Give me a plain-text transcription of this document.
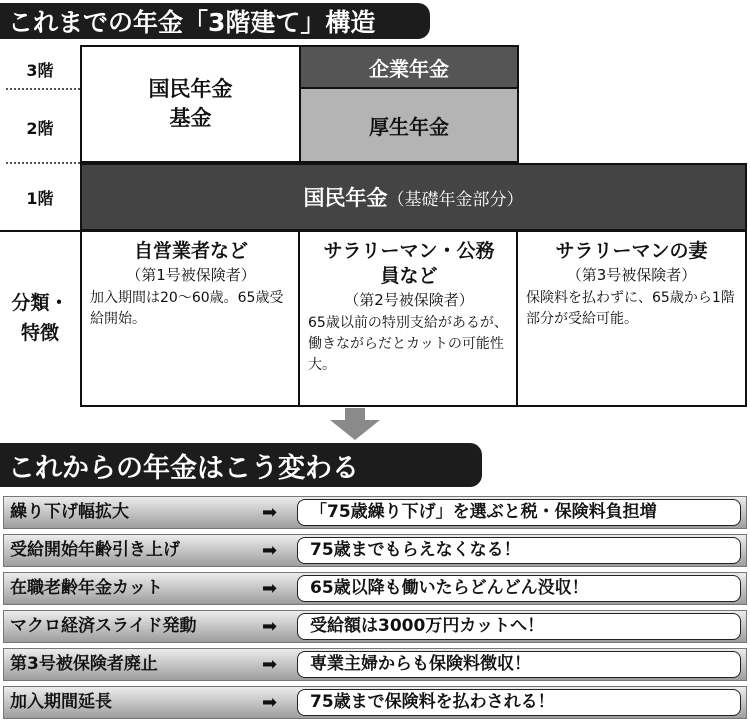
これまでの年金「3階建て」構造
3階
2階
1階
国民年金
基金
企業年金
厚生年金
国民年金 （基礎年金部分）
分類・
特徴
自営業者など
（第1号被保険者）
加入期間は20～60歳。65歳受給開始。
サラリーマン・公務員など
（第2号被保険者）
65歳以前の特別支給があるが、働きながらだとカットの可能性大。
サラリーマンの妻
（第3号被保険者）
保険料を払わずに、65歳から1階部分が受給可能。
これからの年金はこう変わる
繰り下げ幅拡大	➡	「75歳繰り下げ」を選ぶと税・保険料負担増
受給開始年齢引き上げ	➡	75歳までもらえなくなる！
在職老齢年金カット	➡	65歳以降も働いたらどんどん没収！
マクロ経済スライド発動	➡	受給額は3000万円カットへ！
第3号被保険者廃止	➡	専業主婦からも保険料徴収！
加入期間延長	➡	75歳まで保険料を払わされる！
